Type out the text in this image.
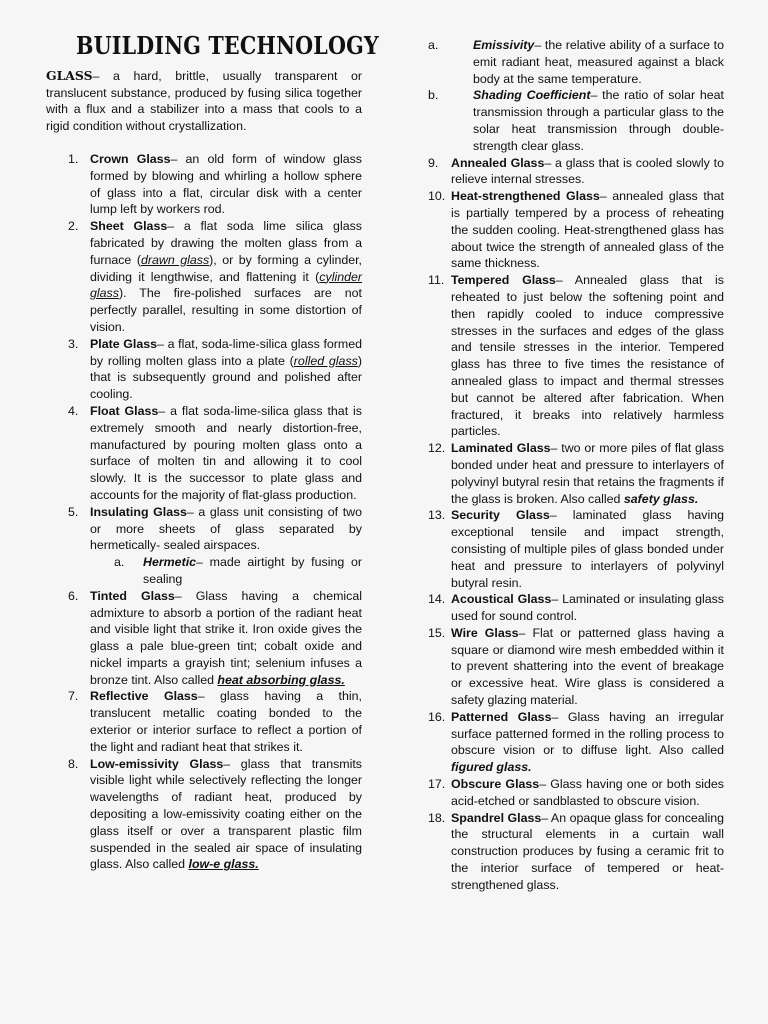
BUILDING TECHNOLOGY

GLASS– a hard, brittle, usually transparent or translucent substance, produced by fusing silica together with a flux and a stabilizer into a mass that cools to a rigid condition without crystallization.

1. Crown Glass– an old form of window glass formed by blowing and whirling a hollow sphere of glass into a flat, circular disk with a center lump left by workers rod.
2. Sheet Glass– a flat soda lime silica glass fabricated by drawing the molten glass from a furnace (drawn glass), or by forming a cylinder, dividing it lengthwise, and flattening it (cylinder glass). The fire-polished surfaces are not perfectly parallel, resulting in some distortion of vision.
3. Plate Glass– a flat, soda-lime-silica glass formed by rolling molten glass into a plate (rolled glass) that is subsequently ground and polished after cooling.
4. Float Glass– a flat soda-lime-silica glass that is extremely smooth and nearly distortion-free, manufactured by pouring molten glass onto a surface of molten tin and allowing it to cool slowly. It is the successor to plate glass and accounts for the majority of flat-glass production.
5. Insulating Glass– a glass unit consisting of two or more sheets of glass separated by hermetically- sealed airspaces.
a. Hermetic– made airtight by fusing or sealing
6. Tinted Glass– Glass having a chemical admixture to absorb a portion of the radiant heat and visible light that strike it. Iron oxide gives the glass a pale blue-green tint; cobalt oxide and nickel imparts a grayish tint; selenium infuses a bronze tint. Also called heat absorbing glass.
7. Reflective Glass– glass having a thin, translucent metallic coating bonded to the exterior or interior surface to reflect a portion of the light and radiant heat that strikes it.
8. Low-emissivity Glass– glass that transmits visible light while selectively reflecting the longer wavelengths of radiant heat, produced by depositing a low-emissivity coating either on the glass itself or over a transparent plastic film suspended in the sealed air space of insulating glass. Also called low-e glass.
a.	Emissivity– the relative ability of a surface to emit radiant heat, measured against a black body at the same temperature.
b.	Shading Coefficient– the ratio of solar heat transmission through a particular glass to the solar heat transmission through double-strength clear glass.
9. Annealed Glass– a glass that is cooled slowly to relieve internal stresses.
10. Heat-strengthened Glass– annealed glass that is partially tempered by a process of reheating the sudden cooling. Heat-strengthened glass has about twice the strength of annealed glass of the same thickness.
11. Tempered Glass– Annealed glass that is reheated to just below the softening point and then rapidly cooled to induce compressive stresses in the surfaces and edges of the glass and tensile stresses in the interior. Tempered glass has three to five times the resistance of annealed glass to impact and thermal stresses but cannot be altered after fabrication. When fractured, it breaks into relatively harmless particles.
12. Laminated Glass– two or more piles of flat glass bonded under heat and pressure to interlayers of polyvinyl butyral resin that retains the fragments if the glass is broken. Also called safety glass.
13. Security Glass– laminated glass having exceptional tensile and impact strength, consisting of multiple piles of glass bonded under heat and pressure to interlayers of polyvinyl butyral resin.
14. Acoustical Glass– Laminated or insulating glass used for sound control.
15. Wire Glass– Flat or patterned glass having a square or diamond wire mesh embedded within it to prevent shattering into the event of breakage or excessive heat. Wire glass is considered a safety glazing material.
16. Patterned Glass– Glass having an irregular surface patterned formed in the rolling process to obscure vision or to diffuse light. Also called figured glass.
17. Obscure Glass– Glass having one or both sides acid-etched or sandblasted to obscure vision.
18. Spandrel Glass– An opaque glass for concealing the structural elements in a curtain wall construction produces by fusing a ceramic frit to the interior surface of tempered or heat-strengthened glass.
